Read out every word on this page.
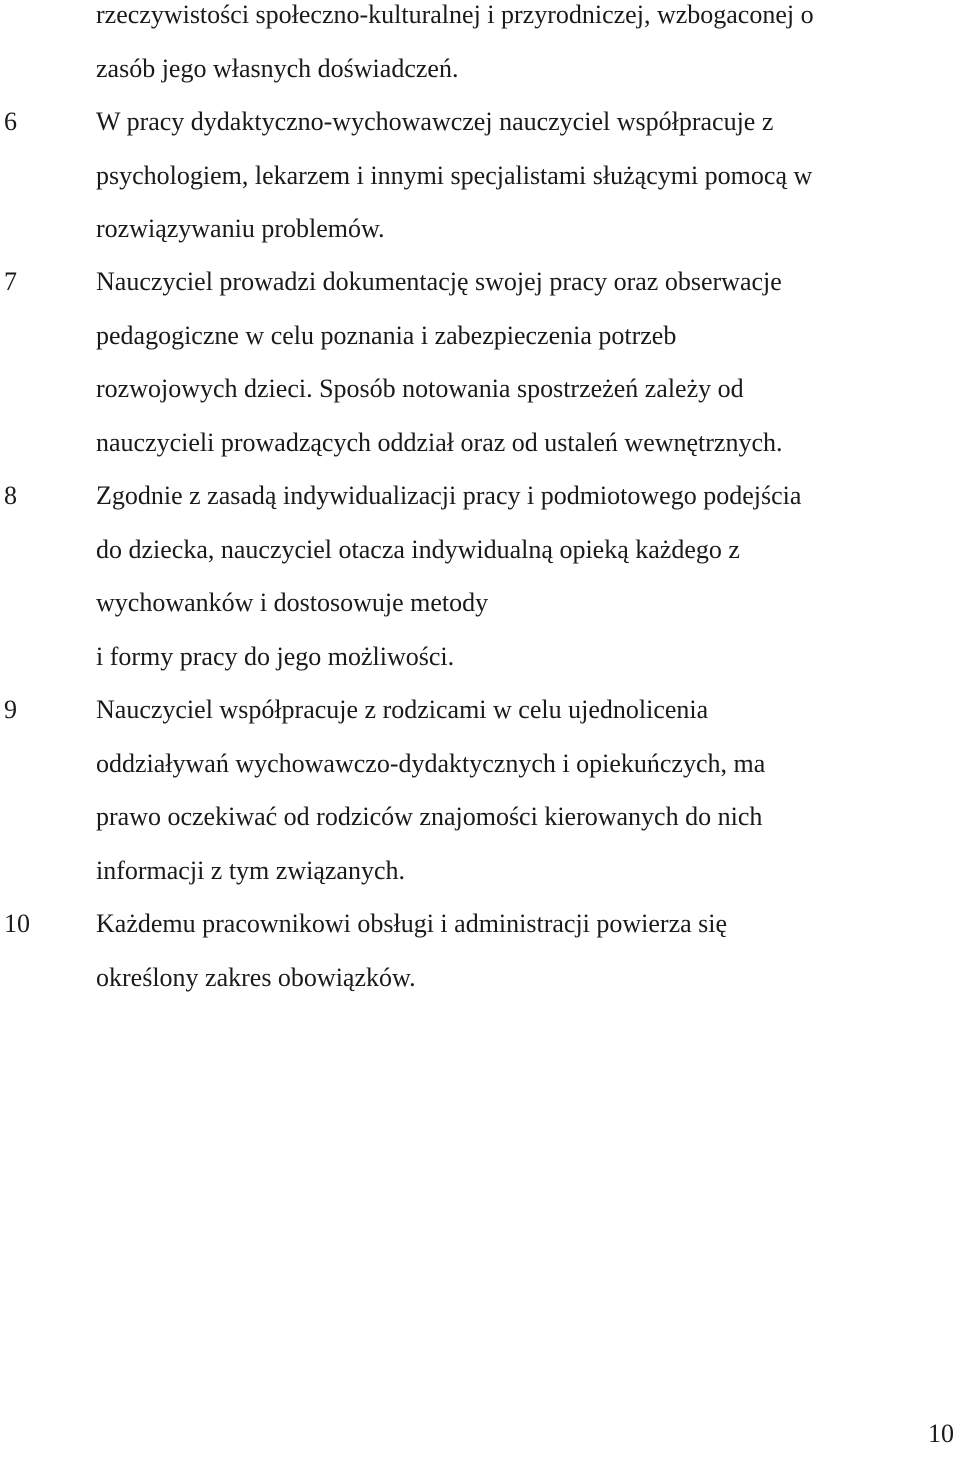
rzeczywistości społeczno-kulturalnej i przyrodniczej, wzbogaconej o
zasób jego własnych doświadczeń.
6	W pracy dydaktyczno-wychowawczej nauczyciel współpracuje z
psychologiem, lekarzem i innymi specjalistami służącymi pomocą w
rozwiązywaniu problemów.
7	Nauczyciel prowadzi dokumentację swojej pracy oraz obserwacje
pedagogiczne w celu poznania i zabezpieczenia potrzeb
rozwojowych dzieci. Sposób notowania spostrzeżeń zależy od
nauczycieli prowadzących oddział oraz od ustaleń wewnętrznych.
8	Zgodnie z zasadą indywidualizacji pracy i podmiotowego podejścia
do dziecka, nauczyciel otacza indywidualną opieką każdego z
wychowanków i dostosowuje metody
i formy pracy do jego możliwości.
9	Nauczyciel współpracuje z rodzicami w celu ujednolicenia
oddziaływań wychowawczo-dydaktycznych i opiekuńczych, ma
prawo oczekiwać od rodziców znajomości kierowanych do nich
informacji z tym związanych.
10	Każdemu pracownikowi obsługi i administracji powierza się
określony zakres obowiązków.
10
